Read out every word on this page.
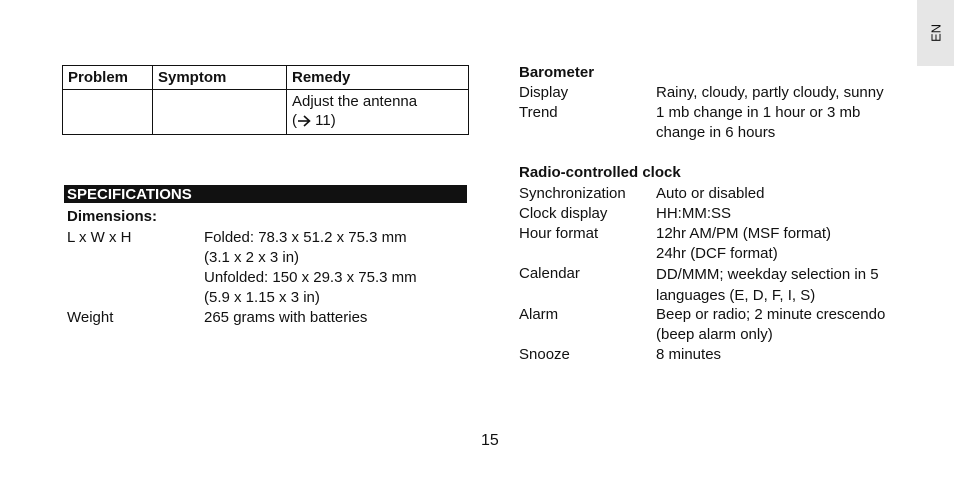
EN
Problem	Symptom	Remedy

		Adjust the antenna
( 11)
SPECIFICATIONS
Dimensions:
L x W x H	Folded: 78.3 x 51.2 x 75.3 mm
(3.1 x 2 x 3 in)
Unfolded: 150 x 29.3 x 75.3 mm
(5.9 x 1.15 x 3 in)
Weight	265 grams with batteries
Barometer
Display	Rainy, cloudy, partly cloudy, sunny
Trend	1 mb change in 1 hour or 3 mb
change in 6 hours
Radio-controlled clock
Synchronization Auto or disabled
Clock display	HH:MM:SS
Hour format	12hr AM/PM (MSF format)
24hr (DCF format)
Calendar	DD/MMM; weekday selection in 5
languages (E, D, F, I, S)
Alarm	Beep or radio; 2 minute crescendo
(beep alarm only)
Snooze	8 minutes
15
